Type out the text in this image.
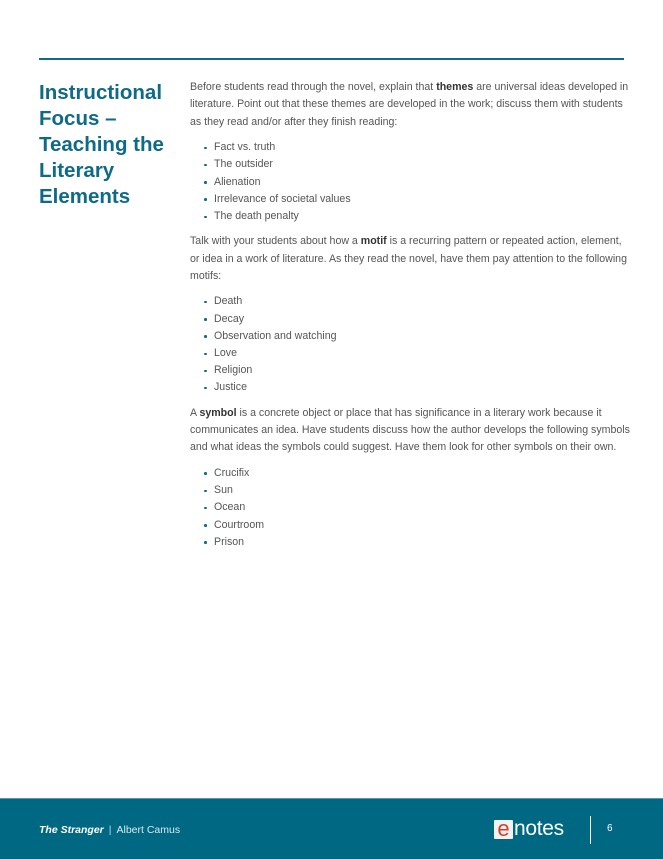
Instructional
Focus –
Teaching the
Literary
Elements

Before students read through the novel, explain that themes are universal ideas developed in literature. Point out that these themes are developed in the work; discuss them with students as they read and/or after they finish reading:

Fact vs. truth
The outsider
Alienation
Irrelevance of societal values
The death penalty

Talk with your students about how a motif is a recurring pattern or repeated action, element, or idea in a work of literature. As they read the novel, have them pay attention to the following motifs:

Death
Decay
Observation and watching
Love
Religion
Justice

A symbol is a concrete object or place that has significance in a literary work because it communicates an idea. Have students discuss how the author develops the following symbols and what ideas the symbols could suggest. Have them look for other symbols on their own.

Crucifix
Sun
Ocean
Courtroom
Prison
The Stranger | Albert Camus	e notes	6
